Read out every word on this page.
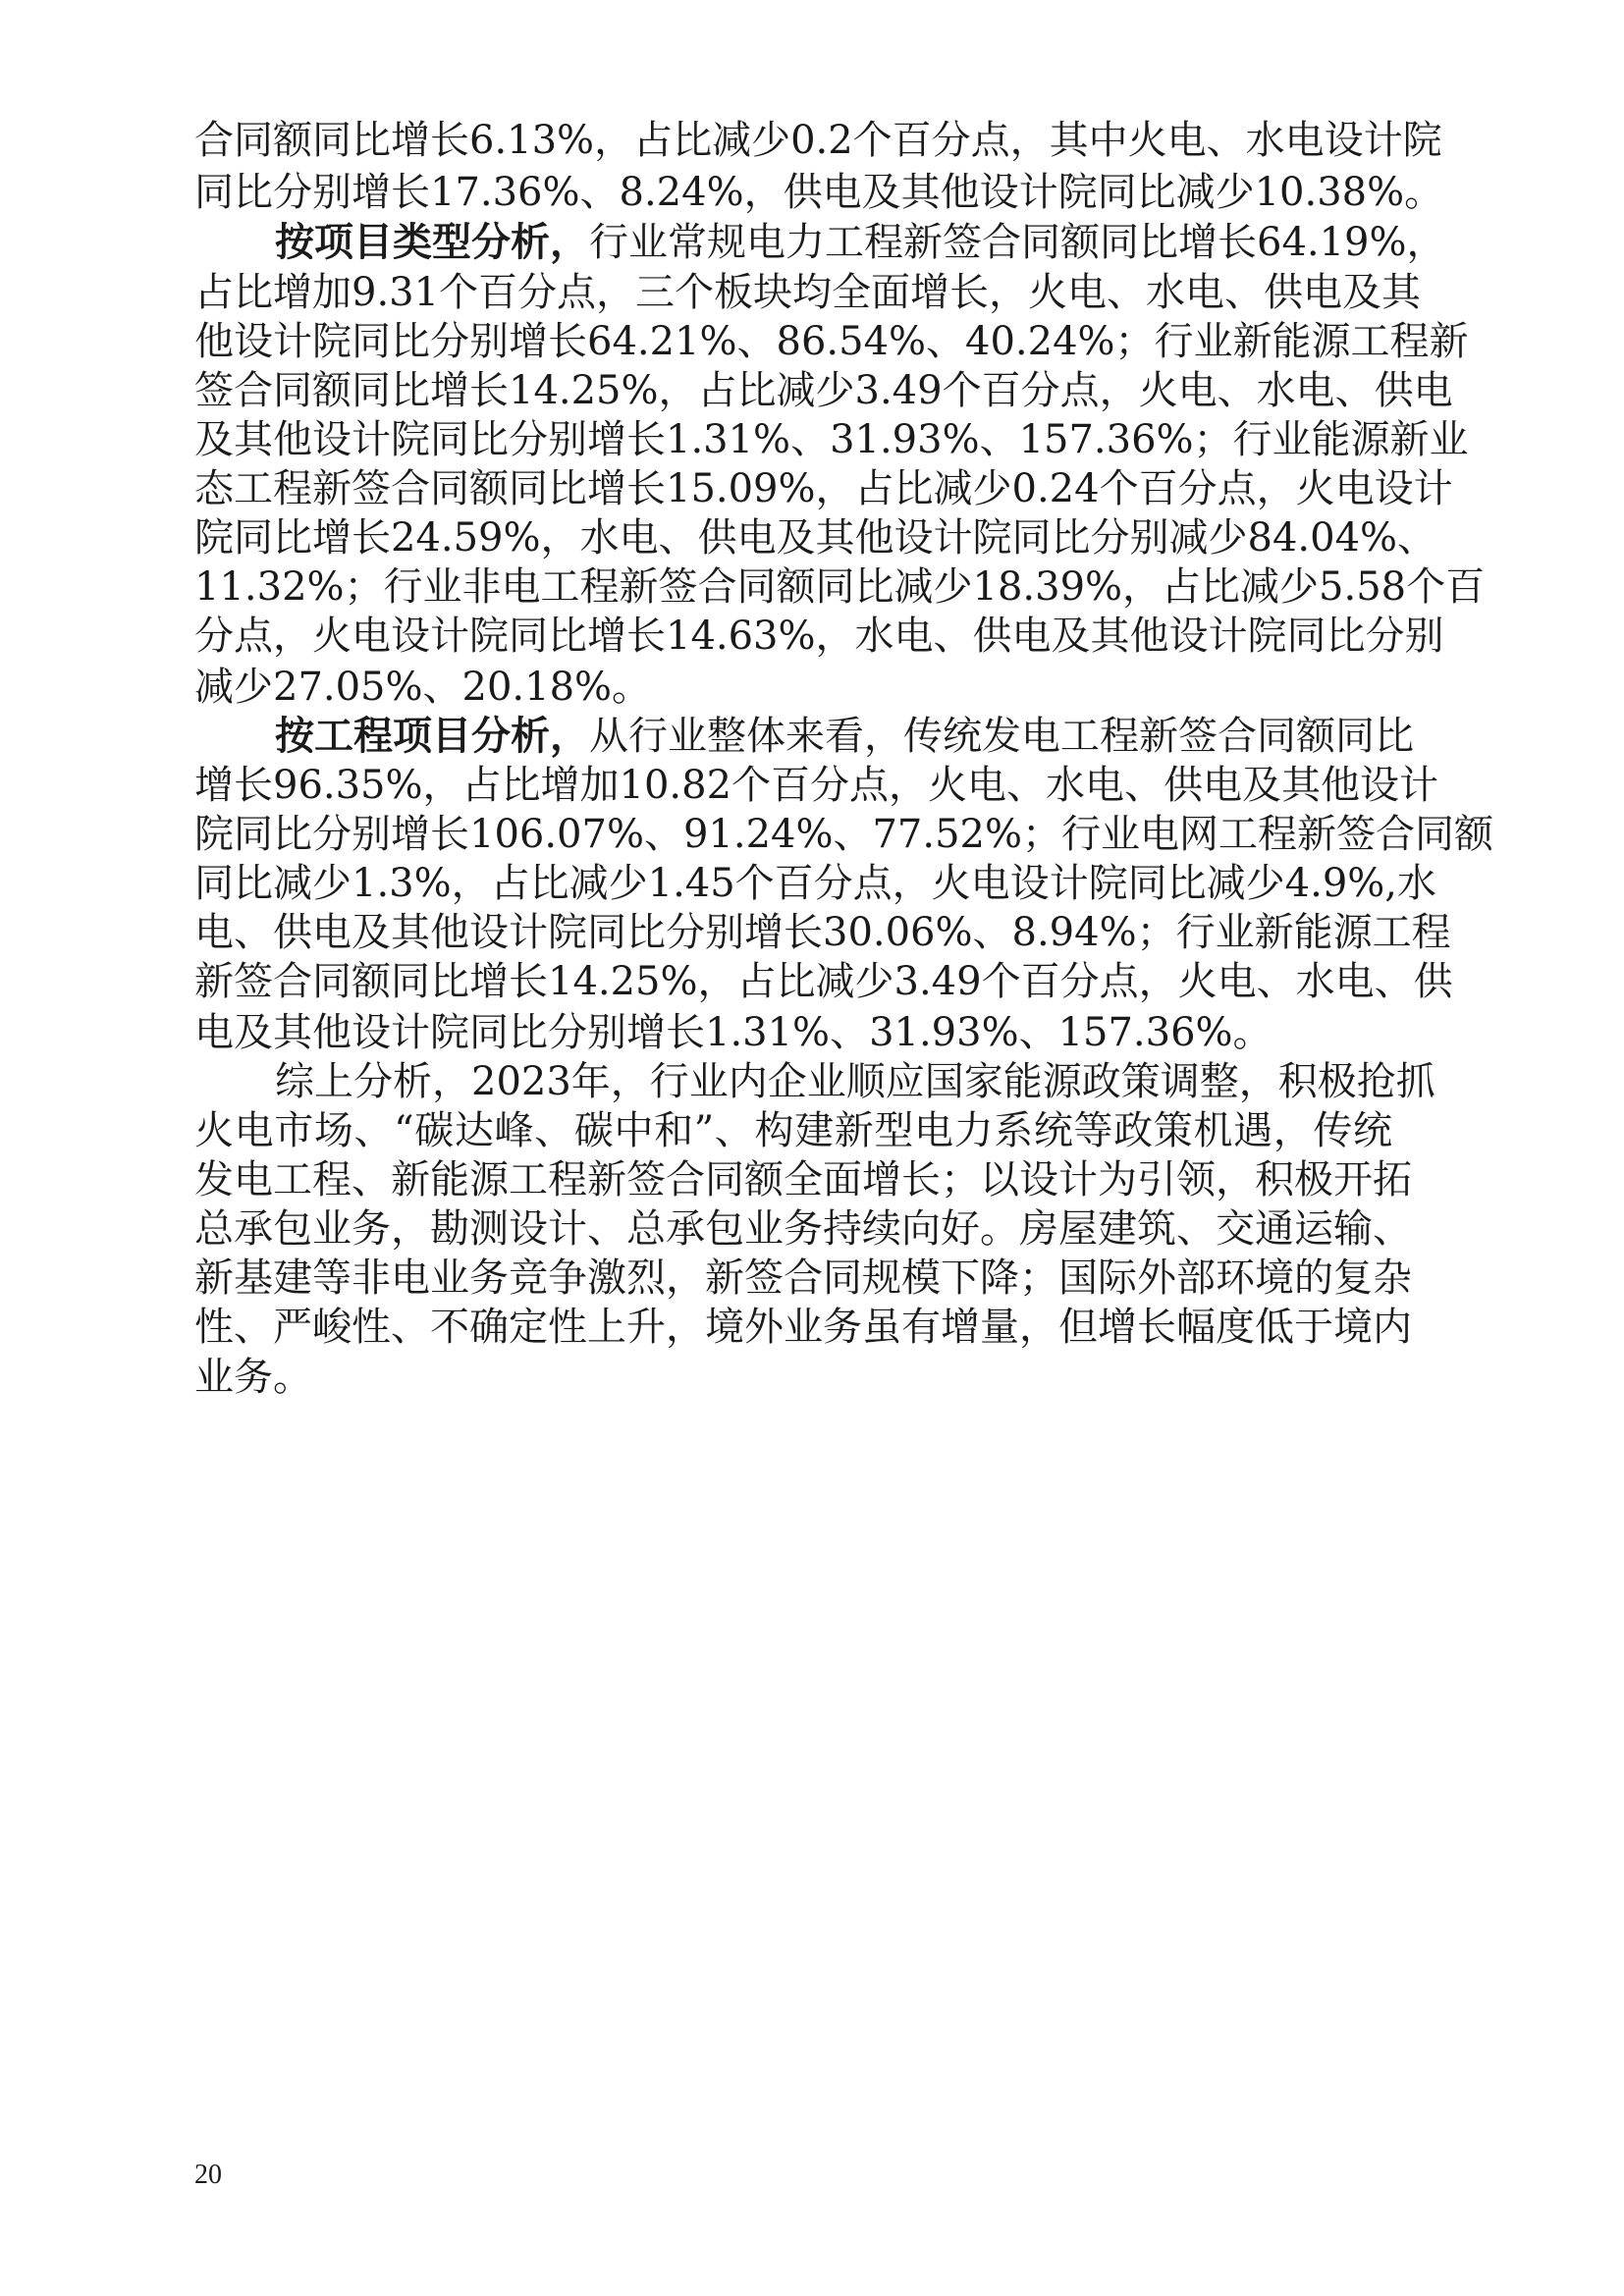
合同额同比增长6.13%，占比减少0.2个百分点，其中火电、水电设计院
同比分别增长17.36%、8.24%，供电及其他设计院同比减少10.38%。
按项目类型分析，行业常规电力工程新签合同额同比增长64.19%，
占比增加9.31个百分点，三个板块均全面增长，火电、水电、供电及其
他设计院同比分别增长64.21%、86.54%、40.24%；行业新能源工程新
签合同额同比增长14.25%，占比减少3.49个百分点，火电、水电、供电
及其他设计院同比分别增长1.31%、31.93%、157.36%；行业能源新业
态工程新签合同额同比增长15.09%，占比减少0.24个百分点，火电设计
院同比增长24.59%，水电、供电及其他设计院同比分别减少84.04%、
11.32%；行业非电工程新签合同额同比减少18.39%，占比减少5.58个百
分点，火电设计院同比增长14.63%，水电、供电及其他设计院同比分别
减少27.05%、20.18%。
按工程项目分析，从行业整体来看，传统发电工程新签合同额同比
增长96.35%，占比增加10.82个百分点，火电、水电、供电及其他设计
院同比分别增长106.07%、91.24%、77.52%；行业电网工程新签合同额
同比减少1.3%，占比减少1.45个百分点，火电设计院同比减少4.9%,水
电、供电及其他设计院同比分别增长30.06%、8.94%；行业新能源工程
新签合同额同比增长14.25%，占比减少3.49个百分点，火电、水电、供
电及其他设计院同比分别增长1.31%、31.93%、157.36%。
综上分析，2023年，行业内企业顺应国家能源政策调整，积极抢抓
火电市场、“碳达峰、碳中和”、构建新型电力系统等政策机遇，传统
发电工程、新能源工程新签合同额全面增长；以设计为引领，积极开拓
总承包业务，勘测设计、总承包业务持续向好。房屋建筑、交通运输、
新基建等非电业务竞争激烈，新签合同规模下降；国际外部环境的复杂
性、严峻性、不确定性上升，境外业务虽有增量，但增长幅度低于境内
业务。
20
